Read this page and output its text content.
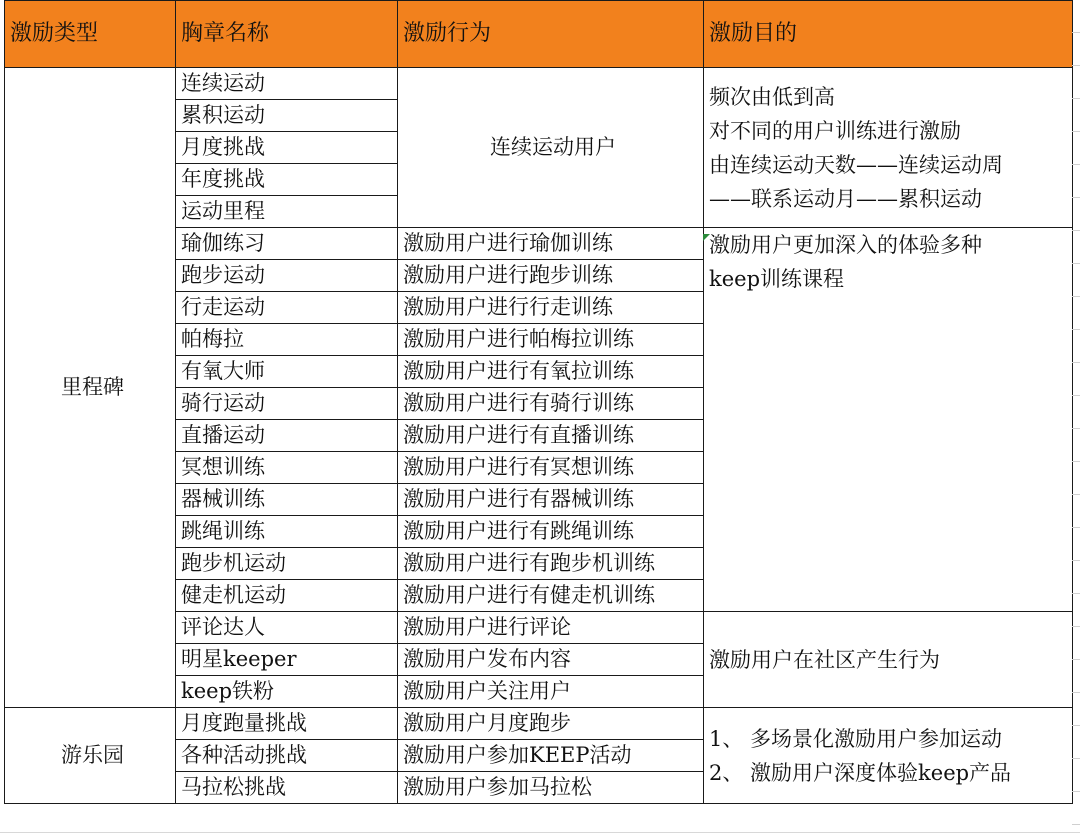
激励类型	胸章名称	激励行为	激励目的
里程碑	连续运动	连续运动用户	频次由低到高
对不同的用户训练进行激励
由连续运动天数——连续运动周
——联系运动月——累积运动

	累积运动		
	月度挑战		
	年度挑战		
	运动里程		
	瑜伽练习	激励用户进行瑜伽训练	激励用户更加深入的体验多种
keep训练课程

	跑步运动	激励用户进行跑步训练	
	行走运动	激励用户进行行走训练	
	帕梅拉	激励用户进行帕梅拉训练	
	有氧大师	激励用户进行有氧拉训练	
	骑行运动	激励用户进行有骑行训练	
	直播运动	激励用户进行有直播训练	
	冥想训练	激励用户进行有冥想训练	
	器械训练	激励用户进行有器械训练	
	跳绳训练	激励用户进行有跳绳训练	
	跑步机运动	激励用户进行有跑步机训练	
	健走机运动	激励用户进行有健走机训练	
	评论达人	激励用户进行评论	激励用户在社区产生行为
	明星keeper	激励用户发布内容	
	keep铁粉	激励用户关注用户	
游乐园	月度跑量挑战	激励用户月度跑步	1、 多场景化激励用户参加运动
2、 激励用户深度体验keep产品

	各种活动挑战	激励用户参加KEEP活动	
	马拉松挑战	激励用户参加马拉松	
